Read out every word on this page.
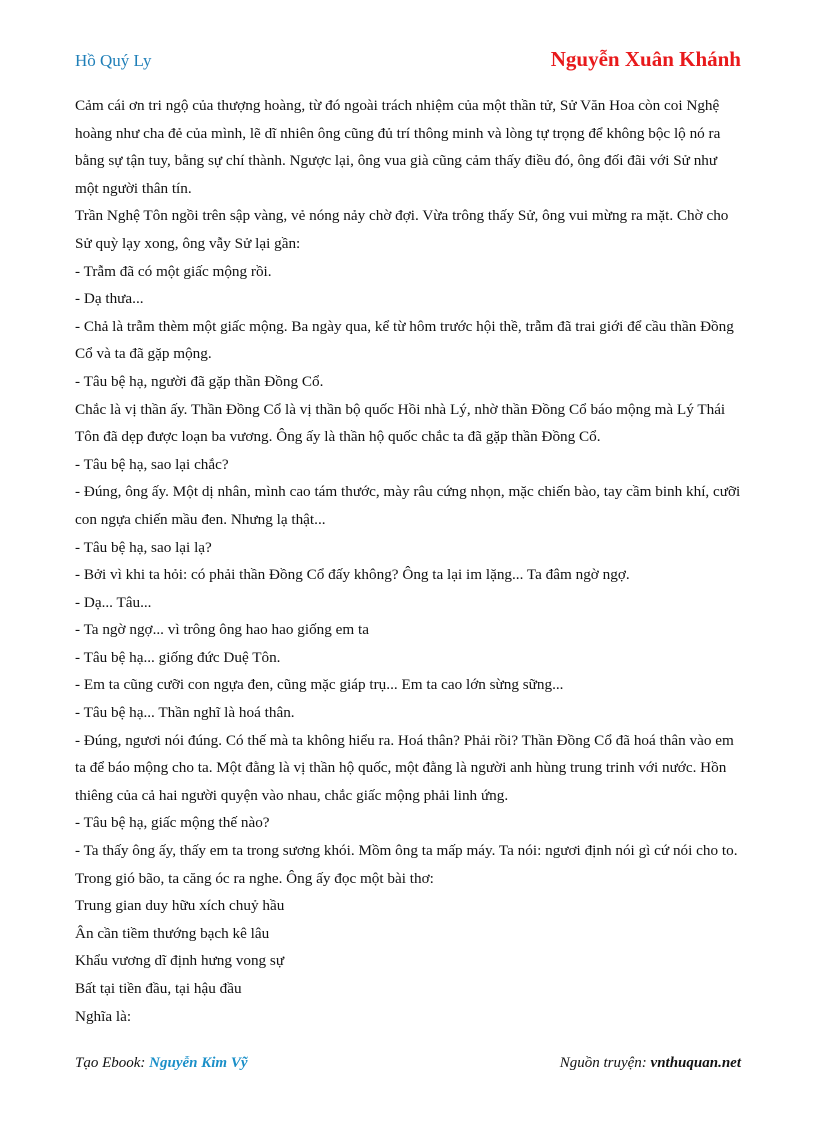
Hồ Quý Ly	Nguyễn Xuân Khánh

Cảm cái ơn tri ngộ của thượng hoàng, từ đó ngoài trách nhiệm của một thần tử, Sử Văn Hoa còn coi Nghệ hoàng như cha đẻ của mình, lẽ dĩ nhiên ông cũng đủ trí thông minh và lòng tự trọng để không bộc lộ nó ra bằng sự tận tuy, bằng sự chí thành. Ngược lại, ông vua già cũng cảm thấy điều đó, ông đối đãi với Sử như một người thân tín.

Trần Nghệ Tôn ngồi trên sập vàng, vẻ nóng nảy chờ đợi. Vừa trông thấy Sử, ông vui mừng ra mặt. Chờ cho Sử quỳ lạy xong, ông vẫy Sử lại gần:

- Trẫm đã có một giấc mộng rồi.

- Dạ thưa...

- Chả là trẫm thèm một giấc mộng. Ba ngày qua, kể từ hôm trước hội thề, trẫm đã trai giới để cầu thần Đồng Cổ và ta đã gặp mộng.

- Tâu bệ hạ, người đã gặp thần Đồng Cổ.

Chắc là vị thần ấy. Thần Đồng Cổ là vị thần bộ quốc Hồi nhà Lý, nhờ thần Đồng Cổ báo mộng mà Lý Thái Tôn đã dẹp được loạn ba vương. Ông ấy là thần hộ quốc chắc ta đã gặp thần Đồng Cổ.

- Tâu bệ hạ, sao lại chắc?

- Đúng, ông ấy. Một dị nhân, mình cao tám thước, mày râu cứng nhọn, mặc chiến bào, tay cầm binh khí, cưỡi con ngựa chiến mầu đen. Nhưng lạ thật...

- Tâu bệ hạ, sao lại lạ?

- Bởi vì khi ta hỏi: có phải thần Đồng Cổ đấy không? Ông ta lại im lặng... Ta đâm ngờ ngợ.

- Dạ... Tâu...

- Ta ngờ ngợ... vì trông ông hao hao giống em ta

- Tâu bệ hạ... giống đức Duệ Tôn.

- Em ta cũng cưỡi con ngựa đen, cũng mặc giáp trụ... Em ta cao lớn sừng sững...

- Tâu bệ hạ... Thần nghĩ là hoá thân.

- Đúng, ngươi nói đúng. Có thế mà ta không hiểu ra. Hoá thân? Phải rồi? Thần Đồng Cổ đã hoá thân vào em ta để báo mộng cho ta. Một đằng là vị thần hộ quốc, một đằng là người anh hùng trung trinh với nước. Hồn thiêng của cả hai người quyện vào nhau, chắc giấc mộng phải linh ứng.

- Tâu bệ hạ, giấc mộng thế nào?

- Ta thấy ông ấy, thấy em ta trong sương khói. Mồm ông ta mấp máy. Ta nói: ngươi định nói gì cứ nói cho to. Trong gió bão, ta căng óc ra nghe. Ông ấy đọc một bài thơ:

Trung gian duy hữu xích chuỷ hầu

Ân cần tiềm thướng bạch kê lâu

Khẩu vương dĩ định hưng vong sự

Bất tại tiền đầu, tại hậu đầu

Nghĩa là:

Tạo Ebook: Nguyễn Kim Vỹ	Nguồn truyện: vnthuquan.net
